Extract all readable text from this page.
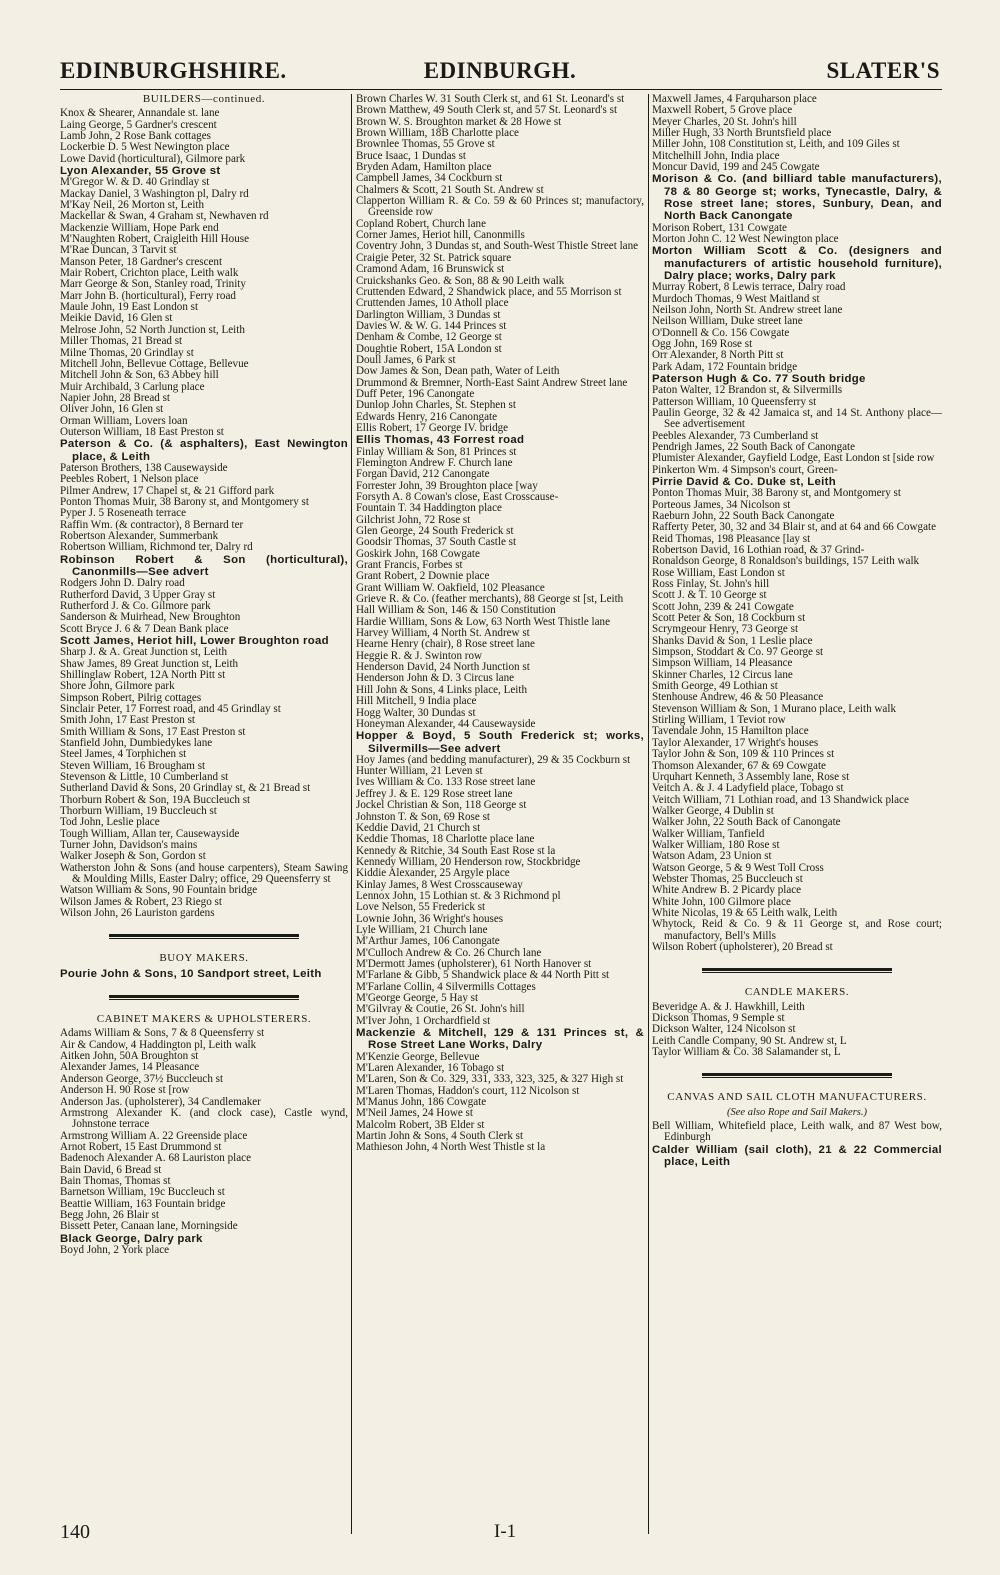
EDINBURGH.
EDINBURGHSHIRE.	SLATER'S
BUILDERS—continued.

Knox & Shearer, Annandale st. lane

Laing George, 5 Gardner's crescent

Lamb John, 2 Rose Bank cottages

Lockerbie D. 5 West Newington place

Lowe David (horticultural), Gilmore park

Lyon Alexander, 55 Grove st

M'Gregor W. & D. 40 Grindlay st

Mackay Daniel, 3 Washington pl, Dalry rd

M'Kay Neil, 26 Morton st, Leith

Mackellar & Swan, 4 Graham st, Newhaven rd

Mackenzie William, Hope Park end

M'Naughten Robert, Craigleith Hill House

M'Rae Duncan, 3 Tarvit st

Manson Peter, 18 Gardner's crescent

Mair Robert, Crichton place, Leith walk

Marr George & Son, Stanley road, Trinity

Marr John B. (horticultural), Ferry road

Maule John, 19 East London st

Meikie David, 16 Glen st

Melrose John, 52 North Junction st, Leith

Miller Thomas, 21 Bread st

Milne Thomas, 20 Grindlay st

Mitchell John, Bellevue Cottage, Bellevue

Mitchell John & Son, 63 Abbey hill

Muir Archibald, 3 Carlung place

Napier John, 28 Bread st

Oliver John, 16 Glen st

Orman William, Lovers loan

Outerson William, 18 East Preston st

Paterson & Co. (& asphalters), East Newington place, & Leith

Paterson Brothers, 138 Causewayside

Peebles Robert, 1 Nelson place

Pilmer Andrew, 17 Chapel st, & 21 Gifford park

Ponton Thomas Muir, 38 Barony st, and Montgomery st

Pyper J. 5 Roseneath terrace

Raffin Wm. (& contractor), 8 Bernard ter

Robertson Alexander, Summerbank

Robertson William, Richmond ter, Dalry rd

Robinson Robert & Son (horticultural), Canonmills—See advert

Rodgers John D. Dalry road

Rutherford David, 3 Upper Gray st

Rutherford J. & Co. Gilmore park

Sanderson & Muirhead, New Broughton

Scott Bryce J. 6 & 7 Dean Bank place

Scott James, Heriot hill, Lower Broughton road

Sharp J. & A. Great Junction st, Leith

Shaw James, 89 Great Junction st, Leith

Shillinglaw Robert, 12A North Pitt st

Shore John, Gilmore park

Simpson Robert, Pilrig cottages

Sinclair Peter, 17 Forrest road, and 45 Grindlay st

Smith John, 17 East Preston st

Smith William & Sons, 17 East Preston st

Stanfield John, Dumbiedykes lane

Steel James, 4 Torphichen st

Steven William, 16 Brougham st

Stevenson & Little, 10 Cumberland st

Sutherland David & Sons, 20 Grindlay st, & 21 Bread st

Thorburn Robert & Son, 19A Buccleuch st

Thorburn William, 19 Buccleuch st

Tod John, Leslie place

Tough William, Allan ter, Causewayside

Turner John, Davidson's mains

Walker Joseph & Son, Gordon st

Watherston John & Sons (and house carpenters), Steam Sawing & Moulding Mills, Easter Dalry; office, 29 Queensferry st

Watson William & Sons, 90 Fountain bridge

Wilson James & Robert, 23 Riego st

Wilson John, 26 Lauriston gardens

BUOY MAKERS.

Pourie John & Sons, 10 Sandport street, Leith

CABINET MAKERS & UPHOLSTERERS.

Adams William & Sons, 7 & 8 Queensferry st

Air & Candow, 4 Haddington pl, Leith walk

Aitken John, 50A Broughton st

Alexander James, 14 Pleasance

Anderson George, 37½ Buccleuch st

Anderson H. 90 Rose st [row

Anderson Jas. (upholsterer), 34 Candlemaker

Armstrong Alexander K. (and clock case), Castle wynd, Johnstone terrace

Armstrong William A. 22 Greenside place

Arnot Robert, 15 East Drummond st

Badenoch Alexander A. 68 Lauriston place

Bain David, 6 Bread st

Bain Thomas, Thomas st

Barnetson William, 19c Buccleuch st

Beattie William, 163 Fountain bridge

Begg John, 26 Blair st

Bissett Peter, Canaan lane, Morningside

Black George, Dalry park

Boyd John, 2 York place

Brown Charles W. 31 South Clerk st, and 61 St. Leonard's st

Brown Matthew, 49 South Clerk st, and 57 St. Leonard's st

Brown W. S. Broughton market & 28 Howe st

Brown William, 18B Charlotte place

Brownlee Thomas, 55 Grove st

Bruce Isaac, 1 Dundas st

Bryden Adam, Hamilton place

Campbell James, 34 Cockburn st

Chalmers & Scott, 21 South St. Andrew st

Clapperton William R. & Co. 59 & 60 Princes st; manufactory, Greenside row

Copland Robert, Church lane

Corner James, Heriot hill, Canonmills

Coventry John, 3 Dundas st, and South-West Thistle Street lane

Craigie Peter, 32 St. Patrick square

Cramond Adam, 16 Brunswick st

Cruickshanks Geo. & Son, 88 & 90 Leith walk

Cruttenden Edward, 2 Shandwick place, and 55 Morrison st

Cruttenden James, 10 Atholl place

Darlington William, 3 Dundas st

Davies W. & W. G. 144 Princes st

Denham & Combe, 12 George st

Doughtie Robert, 15A London st

Doull James, 6 Park st

Dow James & Son, Dean path, Water of Leith

Drummond & Bremner, North-East Saint Andrew Street lane

Duff Peter, 196 Canongate

Dunlop John Charles, St. Stephen st

Edwards Henry, 216 Canongate

Ellis Robert, 17 George IV. bridge

Ellis Thomas, 43 Forrest road

Finlay William & Son, 81 Princes st

Flemington Andrew F. Church lane

Forgan David, 212 Canongate

Forrester John, 39 Broughton place [way

Forsyth A. 8 Cowan's close, East Crosscause-

Fountain T. 34 Haddington place

Gilchrist John, 72 Rose st

Glen George, 24 South Frederick st

Goodsir Thomas, 37 South Castle st

Goskirk John, 168 Cowgate

Grant Francis, Forbes st

Grant Robert, 2 Downie place

Grant William W. Oakfield, 102 Pleasance

Grieve R. & Co. (feather merchants), 88 George st [st, Leith

Hall William & Son, 146 & 150 Constitution

Hardie William, Sons & Low, 63 North West Thistle lane

Harvey William, 4 North St. Andrew st

Hearne Henry (chair), 8 Rose street lane

Heggie R. & J. Swinton row

Henderson David, 24 North Junction st

Henderson John & D. 3 Circus lane

Hill John & Sons, 4 Links place, Leith

Hill Mitchell, 9 India place

Hogg Walter, 30 Dundas st

Honeyman Alexander, 44 Causewayside

Hopper & Boyd, 5 South Frederick st; works, Silvermills—See advert

Hoy James (and bedding manufacturer), 29 & 35 Cockburn st

Hunter William, 21 Leven st

Ives William & Co. 133 Rose street lane

Jeffrey J. & E. 129 Rose street lane

Jockel Christian & Son, 118 George st

Johnston T. & Son, 69 Rose st

Keddie David, 21 Church st

Keddie Thomas, 18 Charlotte place lane

Kennedy & Ritchie, 34 South East Rose st la

Kennedy William, 20 Henderson row, Stockbridge

Kiddie Alexander, 25 Argyle place

Kinlay James, 8 West Crosscauseway

Lennox John, 15 Lothian st. & 3 Richmond pl

Love Nelson, 55 Frederick st

Lownie John, 36 Wright's houses

Lyle William, 21 Church lane

M'Arthur James, 106 Canongate

M'Culloch Andrew & Co. 26 Church lane

M'Dermott James (upholsterer), 61 North Hanover st

M'Farlane & Gibb, 5 Shandwick place & 44 North Pitt st

M'Farlane Collin, 4 Silvermills Cottages

M'George George, 5 Hay st

M'Gilvray & Coutie, 26 St. John's hill

M'Iver John, 1 Orchardfield st

Mackenzie & Mitchell, 129 & 131 Princes st, & Rose Street Lane Works, Dalry

M'Kenzie George, Bellevue

M'Laren Alexander, 16 Tobago st

M'Laren, Son & Co. 329, 331, 333, 323, 325, & 327 High st

M'Laren Thomas, Haddon's court, 112 Nicolson st

M'Manus John, 186 Cowgate

M'Neil James, 24 Howe st

Malcolm Robert, 3B Elder st

Martin John & Sons, 4 South Clerk st

Mathieson John, 4 North West Thistle st la

Maxwell James, 4 Farquharson place

Maxwell Robert, 5 Grove place

Meyer Charles, 20 St. John's hill

Miller Hugh, 33 North Bruntsfield place

Miller John, 108 Constitution st, Leith, and 109 Giles st

Mitchelhill John, India place

Moncur David, 199 and 245 Cowgate

Morison & Co. (and billiard table manufacturers), 78 & 80 George st; works, Tynecastle, Dalry, & Rose street lane; stores, Sunbury, Dean, and North Back Canongate

Morison Robert, 131 Cowgate

Morton John C. 12 West Newington place

Morton William Scott & Co. (designers and manufacturers of artistic household furniture), Dalry place; works, Dalry park

Murray Robert, 8 Lewis terrace, Dalry road

Murdoch Thomas, 9 West Maitland st

Neilson John, North St. Andrew street lane

Neilson William, Duke street lane

O'Donnell & Co. 156 Cowgate

Ogg John, 169 Rose st

Orr Alexander, 8 North Pitt st

Park Adam, 172 Fountain bridge

Paterson Hugh & Co. 77 South bridge

Paton Walter, 12 Brandon st, & Silvermills

Patterson William, 10 Queensferry st

Paulin George, 32 & 42 Jamaica st, and 14 St. Anthony place—See advertisement

Peebles Alexander, 73 Cumberland st

Pendrigh James, 22 South Back of Canongate

Plumister Alexander, Gayfield Lodge, East London st [side row

Pinkerton Wm. 4 Simpson's court, Green-

Pirrie David & Co. Duke st, Leith

Ponton Thomas Muir, 38 Barony st, and Montgomery st

Porteous James, 34 Nicolson st

Raeburn John, 22 South Back Canongate

Rafferty Peter, 30, 32 and 34 Blair st, and at 64 and 66 Cowgate

Reid Thomas, 198 Pleasance [lay st

Robertson David, 16 Lothian road, & 37 Grind-

Ronaldson George, 8 Ronaldson's buildings, 157 Leith walk

Rose William, East London st

Ross Finlay, St. John's hill

Scott J. & T. 10 George st

Scott John, 239 & 241 Cowgate

Scott Peter & Son, 18 Cockburn st

Scrymgeour Henry, 73 George st

Shanks David & Son, 1 Leslie place

Simpson, Stoddart & Co. 97 George st

Simpson William, 14 Pleasance

Skinner Charles, 12 Circus lane

Smith George, 49 Lothian st

Stenhouse Andrew, 46 & 50 Pleasance

Stevenson William & Son, 1 Murano place, Leith walk

Stirling William, 1 Teviot row

Tavendale John, 15 Hamilton place

Taylor Alexander, 17 Wright's houses

Taylor John & Son, 109 & 110 Princes st

Thomson Alexander, 67 & 69 Cowgate

Urquhart Kenneth, 3 Assembly lane, Rose st

Veitch A. & J. 4 Ladyfield place, Tobago st

Veitch William, 71 Lothian road, and 13 Shandwick place

Walker George, 4 Dublin st

Walker John, 22 South Back of Canongate

Walker William, Tanfield

Walker William, 180 Rose st

Watson Adam, 23 Union st

Watson George, 5 & 9 West Toll Cross

Webster Thomas, 25 Buccleuch st

White Andrew B. 2 Picardy place

White John, 100 Gilmore place

White Nicolas, 19 & 65 Leith walk, Leith

Whytock, Reid & Co. 9 & 11 George st, and Rose court; manufactory, Bell's Mills

Wilson Robert (upholsterer), 20 Bread st

CANDLE MAKERS.

Beveridge A. & J. Hawkhill, Leith

Dickson Thomas, 9 Semple st

Dickson Walter, 124 Nicolson st

Leith Candle Company, 90 St. Andrew st, L

Taylor William & Co. 38 Salamander st, L

CANVAS AND SAIL CLOTH MANUFACTURERS.
(See also Rope and Sail Makers.)

Bell William, Whitefield place, Leith walk, and 87 West bow, Edinburgh

Calder William (sail cloth), 21 & 22 Commercial place, Leith

140	I-1
